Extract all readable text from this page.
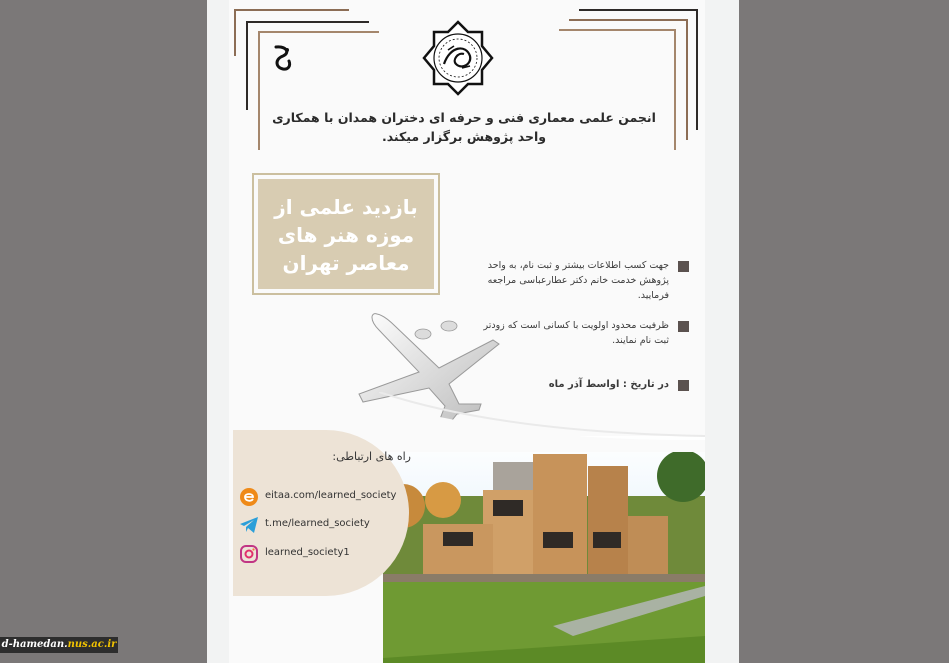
انجمن علمی معماری فنی و حرفه ای دختران همدان با همکاری واحد پژوهش برگزار میکند.
بازدید علمی از موزه هنر های معاصر تهران	جهت کسب اطلاعات بیشتر و ثبت نام، به واحد پژوهش خدمت خانم دکتر عطارعباسی مراجعه فرمایید.
ظرفیت محدود اولویت با کسانی است که زودتر ثبت نام نمایند.
در تاریخ : اواسط آذر ماه
راه های ارتباطی:
eitaa.com/learned_society
t.me/learned_society
learned_society1
d-hamedan.nus.ac.ir
